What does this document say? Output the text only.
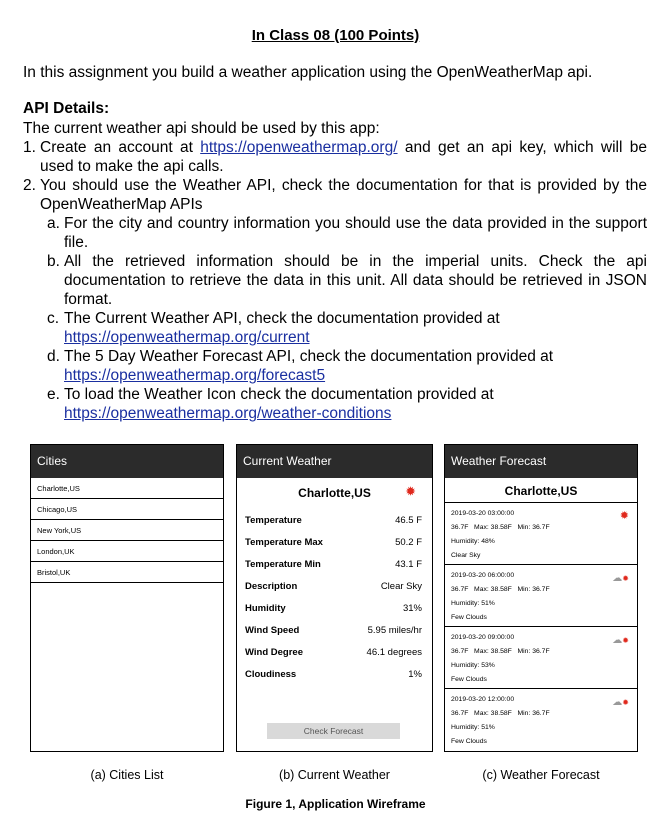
In Class 08 (100 Points)
In this assignment you build a weather application using the OpenWeatherMap api.
API Details:

The current weather api should be used by this app:

1. Create an account at https://openweathermap.org/ and get an api key, which will be used to make the api calls.
2. You should use the Weather API, check the documentation for that is provided by the OpenWeatherMap APIs
a. For the city and country information you should use the data provided in the support file.
b. All the retrieved information should be in the imperial units. Check the api documentation to retrieve the data in this unit. All data should be retrieved in JSON format.
c. The Current Weather API, check the documentation provided at
https://openweathermap.org/current
d. The 5 Day Weather Forecast API, check the documentation provided at
https://openweathermap.org/forecast5
e. To load the Weather Icon check the documentation provided at
https://openweathermap.org/weather-conditions
Cities
Charlotte,US
Chicago,US
New York,US
London,UK
Bristol,UK
Current Weather
Charlotte,US	✹
Temperature	46.5 F
Temperature Max	50.2 F
Temperature Min	43.1 F
Description	Clear Sky
Humidity	31%
Wind Speed	5.95 miles/hr
Wind Degree	46.1 degrees
Cloudiness	1%
Check Forecast
Weather Forecast
Charlotte,US
2019-03-20 03:00:00
36.7F   Max: 38.58F   Min: 36.7F
Humidity: 48%
Clear Sky
✹
2019-03-20 06:00:00
36.7F   Max: 38.58F   Min: 36.7F
Humidity: 51%
Few Clouds
☁✹
2019-03-20 09:00:00
36.7F   Max: 38.58F   Min: 36.7F
Humidity: 53%
Few Clouds
☁✹
2019-03-20 12:00:00
36.7F   Max: 38.58F   Min: 36.7F
Humidity: 51%
Few Clouds
☁✹
(a) Cities List	(b) Current Weather	(c) Weather Forecast
Figure 1, Application Wireframe
